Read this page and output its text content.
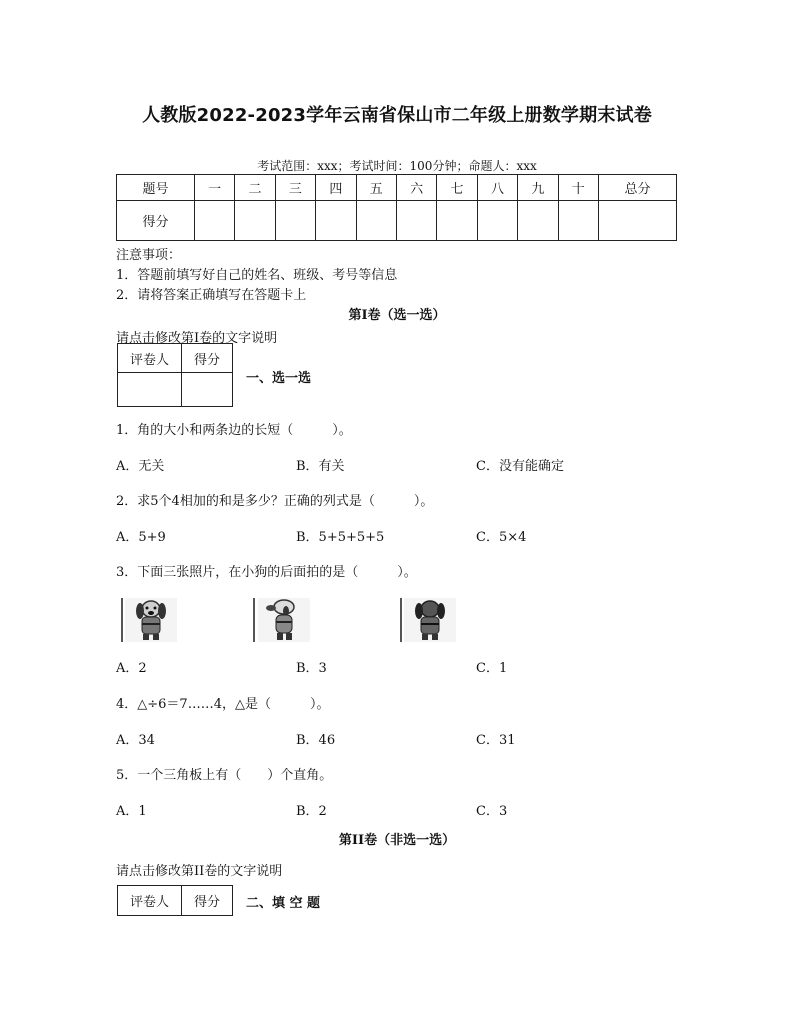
人教版2022-2023学年云南省保山市二年级上册数学期末试卷
考试范围：xxx；考试时间：100分钟；命题人：xxx
题号	一	二	三	四	五	六	七	八	九	十	总分
得分											
注意事项：
1．答题前填写好自己的姓名、班级、考号等信息
2．请将答案正确填写在答题卡上
第I卷（选一选）
请点击修改第I卷的文字说明
评卷人	得分

一、选一选
1．角的大小和两条边的长短（　　　）。
A．无关	B．有关	C．没有能确定
2．求5个4相加的和是多少？正确的列式是（　　　）。
A．5+9	B．5+5+5+5	C．5×4
3．下面三张照片，在小狗的后面拍的是（　　　）。
A．2	B．3	C．1
4．△÷6＝7……4，△是（　　　）。
A．34	B．46	C．31
5．一个三角板上有（　　）个直角。
A．1	B．2	C．3
第II卷（非选一选）
请点击修改第II卷的文字说明
评卷人	得分 二、填 空 题
